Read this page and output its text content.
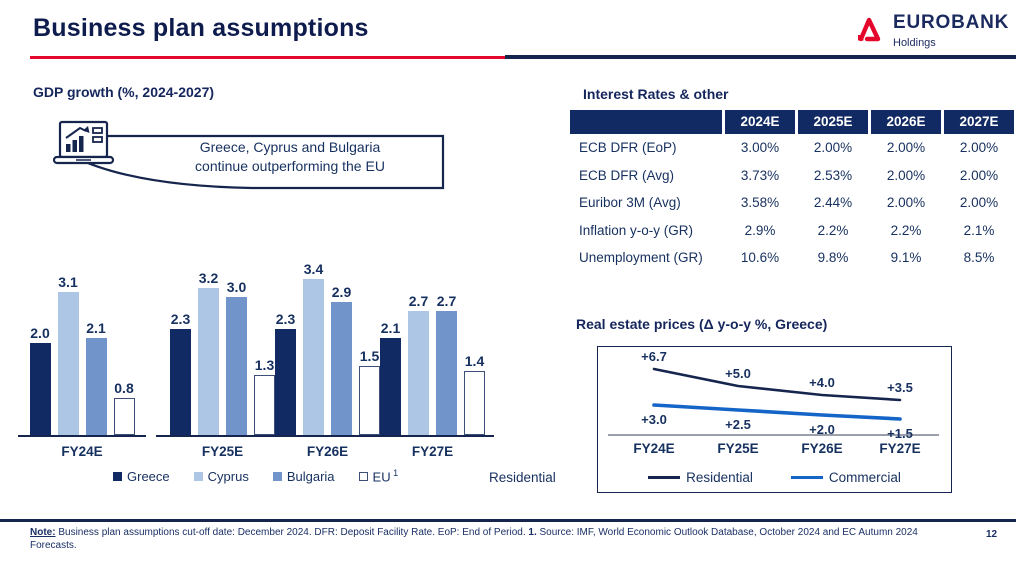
Business plan assumptions	EUROBANK
Holdings
GDP growth (%, 2024-2027)
Greece, Cyprus and Bulgaria
continue outperforming the EU
2.0
3.1
2.1
0.8
FY24E
2.3
3.2
3.0
1.3
FY25E
2.3
3.4
2.9
1.5
FY26E
2.1
2.7 2.7
1.4
FY27E
Greece	Cyprus	Bulgaria	EU $^1$	Residential
Interest Rates & other
2024E	2025E	2026E	2027E
ECB DFR (EoP)	3.00%	2.00%	2.00%	2.00%
ECB DFR (Avg)	3.73%	2.53%	2.00%	2.00%
Euribor 3M (Avg)	3.58%	2.44%	2.00%	2.00%
Inflation y-o-y (GR)	2.9%	2.2%	2.2%	2.1%
Unemployment (GR)	10.6%	9.8%	9.1%	8.5%
Real estate prices (Δ y-o-y %, Greece)
+6.7
+5.0
+4.0	+3.5
+3.0	+2.5	+2.0	+1.5
FY24E	FY25E	FY26E	FY27E
Residential	Commercial
Note: Business plan assumptions cut-off date: December 2024. DFR: Deposit Facility Rate. EoP: End of Period. 1. Source: IMF, World Economic Outlook Database, October 2024 and EC Autumn 2024 Forecasts.
12
